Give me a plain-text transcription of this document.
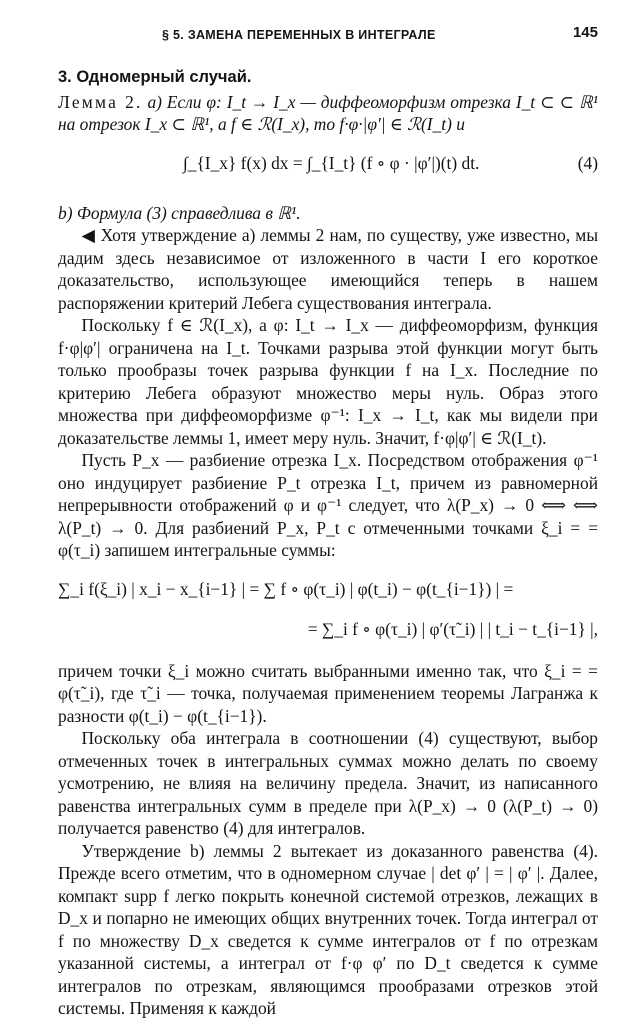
§ 5. ЗАМЕНА ПЕРЕМЕННЫХ В ИНТЕГРАЛЕ	145
3. Одномерный случай.

Лемма 2. a) Если φ: I_t → I_x — диффеоморфизм отрезка I_t ⊂ ⊂ ℝ¹ на отрезок I_x ⊂ ℝ¹, а f ∈ ℛ(I_x), то f·φ·|φ′| ∈ ℛ(I_t) и

∫_{I_x} f(x) dx = ∫_{I_t} (f ∘ φ · |φ′|)(t) dt.	(4)

b) Формула (3) справедлива в ℝ¹.

◀ Хотя утверждение a) леммы 2 нам, по существу, уже известно, мы дадим здесь независимое от изложенного в части I его короткое доказательство, использующее имеющийся теперь в нашем распоряжении критерий Лебега существования интеграла.

Поскольку f ∈ ℛ(I_x), а φ: I_t → I_x — диффеоморфизм, функция f·φ|φ′| ограничена на I_t. Точками разрыва этой функции могут быть только прообразы точек разрыва функции f на I_x. Последние по критерию Лебега образуют множество меры нуль. Образ этого множества при диффеоморфизме φ⁻¹: I_x → I_t, как мы видели при доказательстве леммы 1, имеет меру нуль. Значит, f·φ|φ′| ∈ ℛ(I_t).

Пусть P_x — разбиение отрезка I_x. Посредством отображения φ⁻¹ оно индуцирует разбиение P_t отрезка I_t, причем из равномерной непрерывности отображений φ и φ⁻¹ следует, что λ(P_x) → 0 ⟺ ⟺ λ(P_t) → 0. Для разбиений P_x, P_t с отмеченными точками ξ_i = = φ(τ_i) запишем интегральные суммы:

∑_i f(ξ_i) | x_i − x_{i−1} | = ∑ f ∘ φ(τ_i) | φ(t_i) − φ(t_{i−1}) | =
= ∑_i f ∘ φ(τ_i) | φ′(τ̃_i) | | t_i − t_{i−1} |,

причем точки ξ_i можно считать выбранными именно так, что ξ_i = = φ(τ̃_i), где τ̃_i — точка, получаемая применением теоремы Лагранжа к разности φ(t_i) − φ(t_{i−1}).

Поскольку оба интеграла в соотношении (4) существуют, выбор отмеченных точек в интегральных суммах можно делать по своему усмотрению, не влияя на величину предела. Значит, из написанного равенства интегральных сумм в пределе при λ(P_x) → 0 (λ(P_t) → 0) получается равенство (4) для интегралов.

Утверждение b) леммы 2 вытекает из доказанного равенства (4). Прежде всего отметим, что в одномерном случае | det φ′ | = | φ′ |. Далее, компакт supp f легко покрыть конечной системой отрезков, лежащих в D_x и попарно не имеющих общих внутренних точек. Тогда интеграл от f по множеству D_x сведется к сумме интегралов от f по отрезкам указанной системы, а интеграл от f·φ φ′ по D_t сведется к сумме интегралов по отрезкам, являющимся прообразами отрезков этой системы. Применяя к каждой
